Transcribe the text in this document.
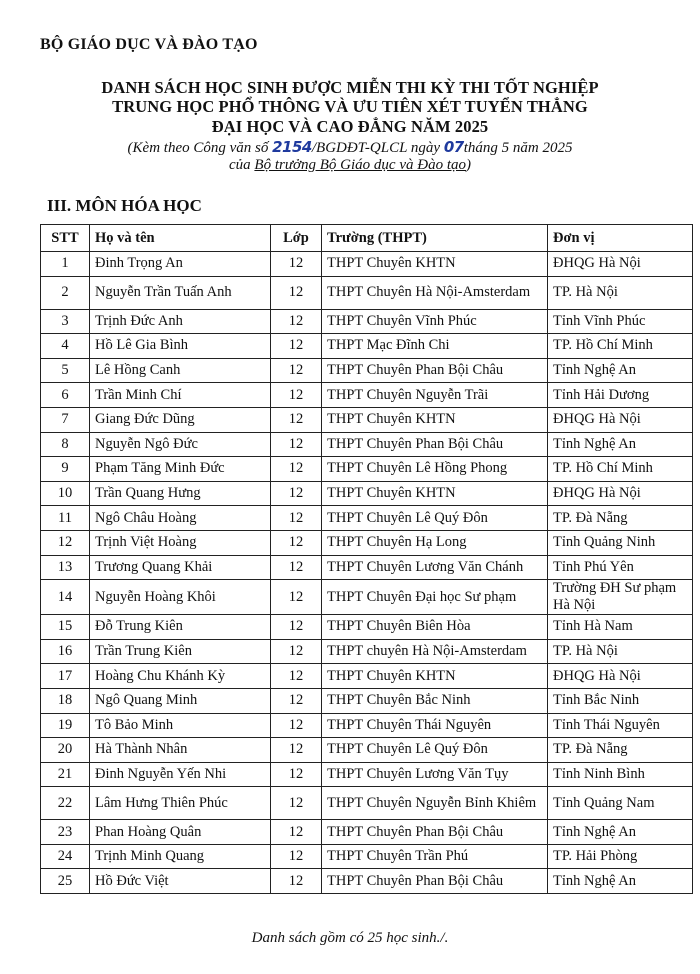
BỘ GIÁO DỤC VÀ ĐÀO TẠO
DANH SÁCH HỌC SINH ĐƯỢC MIỄN THI KỲ THI TỐT NGHIỆP
TRUNG HỌC PHỔ THÔNG VÀ ƯU TIÊN XÉT TUYỂN THẲNG
ĐẠI HỌC VÀ CAO ĐẲNG NĂM 2025
(Kèm theo Công văn số 2154/BGDĐT-QLCL ngày 07tháng 5 năm 2025
của Bộ trưởng Bộ Giáo dục và Đào tạo)
III. MÔN HÓA HỌC
STT	Họ và tên	Lớp	Trường (THPT)	Đơn vị
1	Đinh Trọng An	12	THPT Chuyên KHTN	ĐHQG Hà Nội
2	Nguyễn Trần Tuấn Anh	12	THPT Chuyên Hà Nội-Amsterdam	TP. Hà Nội
3	Trịnh Đức Anh	12	THPT Chuyên Vĩnh Phúc	Tỉnh Vĩnh Phúc
4	Hồ Lê Gia Bình	12	THPT Mạc Đĩnh Chi	TP. Hồ Chí Minh
5	Lê Hồng Canh	12	THPT Chuyên Phan Bội Châu	Tỉnh Nghệ An
6	Trần Minh Chí	12	THPT Chuyên Nguyễn Trãi	Tỉnh Hải Dương
7	Giang Đức Dũng	12	THPT Chuyên KHTN	ĐHQG Hà Nội
8	Nguyễn Ngô Đức	12	THPT Chuyên Phan Bội Châu	Tỉnh Nghệ An
9	Phạm Tăng Minh Đức	12	THPT Chuyên Lê Hồng Phong	TP. Hồ Chí Minh
10	Trần Quang Hưng	12	THPT Chuyên KHTN	ĐHQG Hà Nội
11	Ngô Châu Hoàng	12	THPT Chuyên Lê Quý Đôn	TP. Đà Nẵng
12	Trịnh Việt Hoàng	12	THPT Chuyên Hạ Long	Tỉnh Quảng Ninh
13	Trương Quang Khải	12	THPT Chuyên Lương Văn Chánh	Tỉnh Phú Yên
14	Nguyễn Hoàng Khôi	12	THPT Chuyên Đại học Sư phạm	Trường ĐH Sư phạm Hà Nội
15	Đỗ Trung Kiên	12	THPT Chuyên Biên Hòa	Tỉnh Hà Nam
16	Trần Trung Kiên	12	THPT chuyên Hà Nội-Amsterdam	TP. Hà Nội
17	Hoàng Chu Khánh Kỳ	12	THPT Chuyên KHTN	ĐHQG Hà Nội
18	Ngô Quang Minh	12	THPT Chuyên Bắc Ninh	Tỉnh Bắc Ninh
19	Tô Bảo Minh	12	THPT Chuyên Thái Nguyên	Tỉnh Thái Nguyên
20	Hà Thành Nhân	12	THPT Chuyên Lê Quý Đôn	TP. Đà Nẵng
21	Đinh Nguyễn Yến Nhi	12	THPT Chuyên Lương Văn Tụy	Tỉnh Ninh Bình
22	Lâm Hưng Thiên Phúc	12	THPT Chuyên Nguyễn Bỉnh Khiêm	Tỉnh Quảng Nam
23	Phan Hoàng Quân	12	THPT Chuyên Phan Bội Châu	Tỉnh Nghệ An
24	Trịnh Minh Quang	12	THPT Chuyên Trần Phú	TP. Hải Phòng
25	Hồ Đức Việt	12	THPT Chuyên Phan Bội Châu	Tỉnh Nghệ An
Danh sách gồm có 25 học sinh./.
